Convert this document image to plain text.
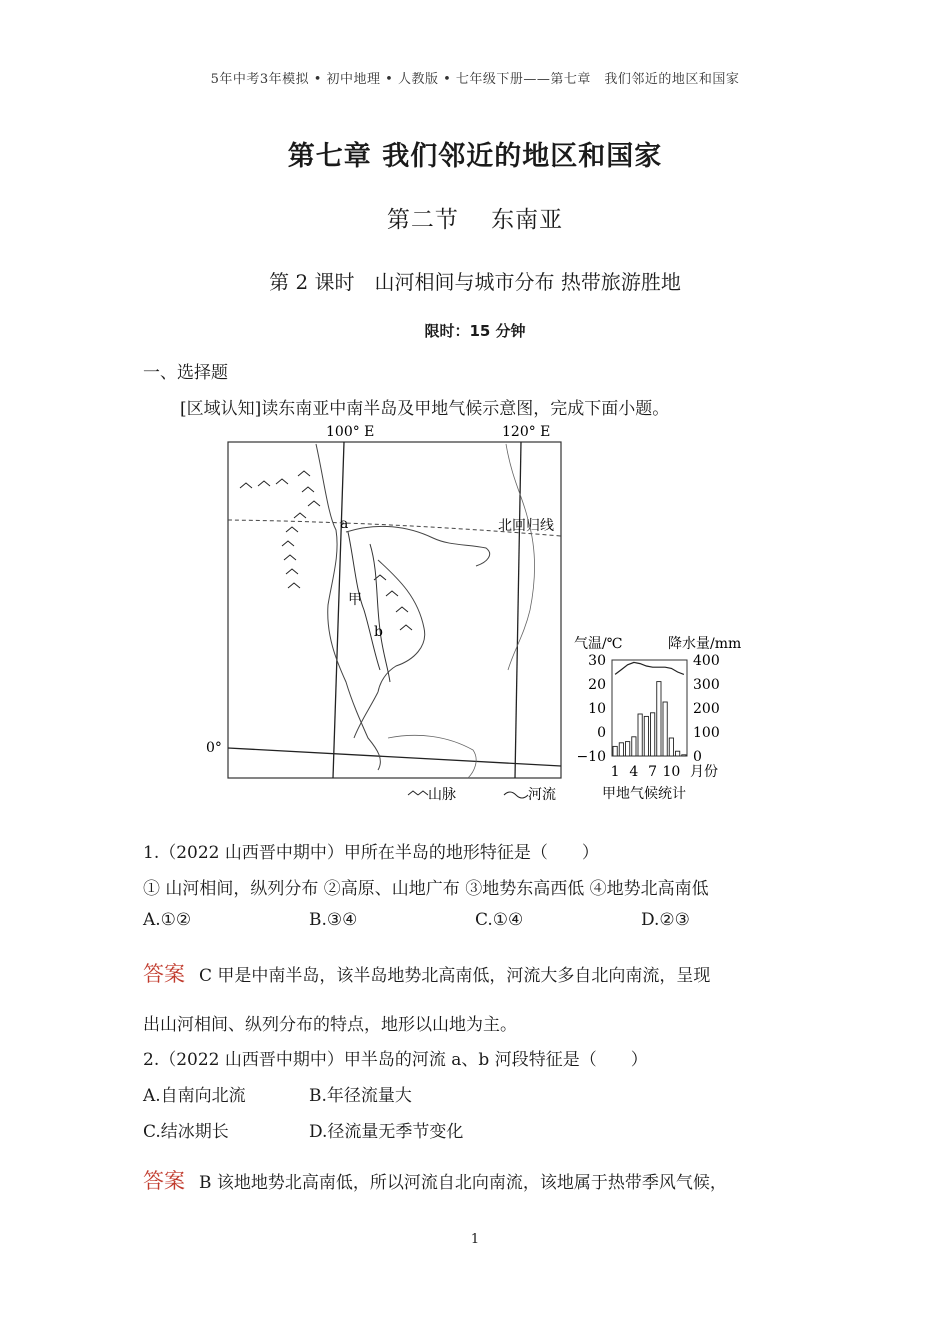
5年中考3年模拟 • 初中地理 • 人教版 • 七年级下册——第七章　我们邻近的地区和国家
第七章 我们邻近的地区和国家
第二节　 东南亚
第 2 课时　山河相间与城市分布 热带旅游胜地
限时：15 分钟
一、选择题
[区域认知]读东南亚中南半岛及甲地气候示意图，完成下面小题。
100° E	120° E
北回归线
0°
甲
a
b
山脉	河流
气温/℃	降水量/mm
30
20
10
0
−10
400
300
200
100
0
1 4 7 10 月份
甲地气候统计
1.（2022 山西晋中期中）甲所在半岛的地形特征是（　　）
① 山河相间，纵列分布 ②高原、山地广布 ③地势东高西低 ④地势北高南低
A.①②	B.③④	C.①④	D.②③
答案 C 甲是中南半岛，该半岛地势北高南低，河流大多自北向南流，呈现
出山河相间、纵列分布的特点，地形以山地为主。
2.（2022 山西晋中期中）甲半岛的河流 a、b 河段特征是（　　）
A.自南向北流	B.年径流量大
C.结冰期长	D.径流量无季节变化
答案 B 该地地势北高南低，所以河流自北向南流，该地属于热带季风气候，
1
